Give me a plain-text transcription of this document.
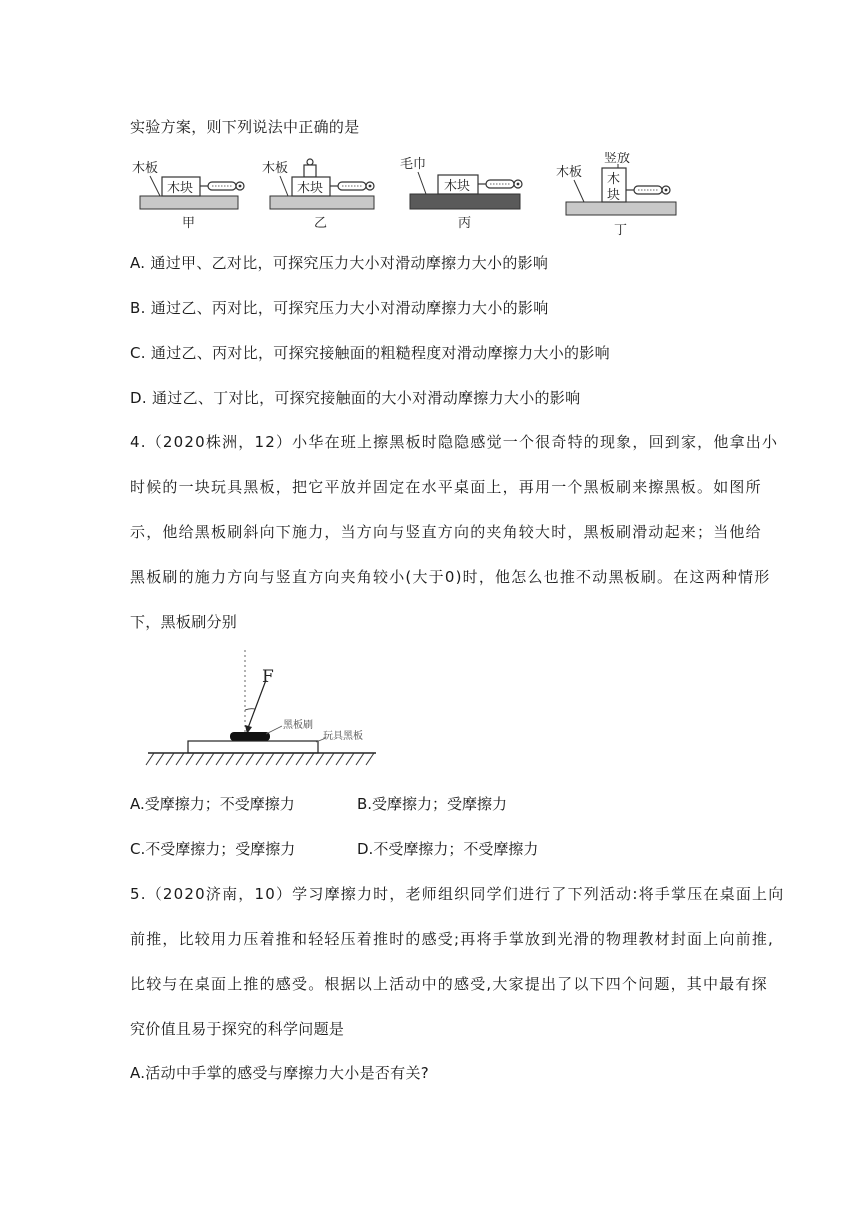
实验方案，则下列说法中正确的是
木板
木块
甲
木板
木块
乙
毛巾
木块
丙
木板
竖放
木
块
丁
A. 通过甲、乙对比，可探究压力大小对滑动摩擦力大小的影响
B. 通过乙、丙对比，可探究压力大小对滑动摩擦力大小的影响
C. 通过乙、丙对比，可探究接触面的粗糙程度对滑动摩擦力大小的影响
D. 通过乙、丁对比，可探究接触面的大小对滑动摩擦力大小的影响
4.（2020株洲，12）小华在班上擦黑板时隐隐感觉一个很奇特的现象，回到家，他拿出小
时候的一块玩具黑板，把它平放并固定在水平桌面上，再用一个黑板刷来擦黑板。如图所
示，他给黑板刷斜向下施力，当方向与竖直方向的夹角较大时，黑板刷滑动起来；当他给
黑板刷的施力方向与竖直方向夹角较小(大于0)时，他怎么也推不动黑板刷。在这两种情形
下，黑板刷分别
F
黑板刷
玩具黑板
A.受摩擦力；不受摩擦力	B.受摩擦力；受摩擦力
C.不受摩擦力；受摩擦力	D.不受摩擦力；不受摩擦力
5.（2020济南，10）学习摩擦力时，老师组织同学们进行了下列活动:将手掌压在桌面上向
前推，比较用力压着推和轻轻压着推时的感受;再将手掌放到光滑的物理教材封面上向前推,
比较与在桌面上推的感受。根据以上活动中的感受,大家提出了以下四个问题，其中最有探
究价值且易于探究的科学问题是
A.活动中手掌的感受与摩擦力大小是否有关?
